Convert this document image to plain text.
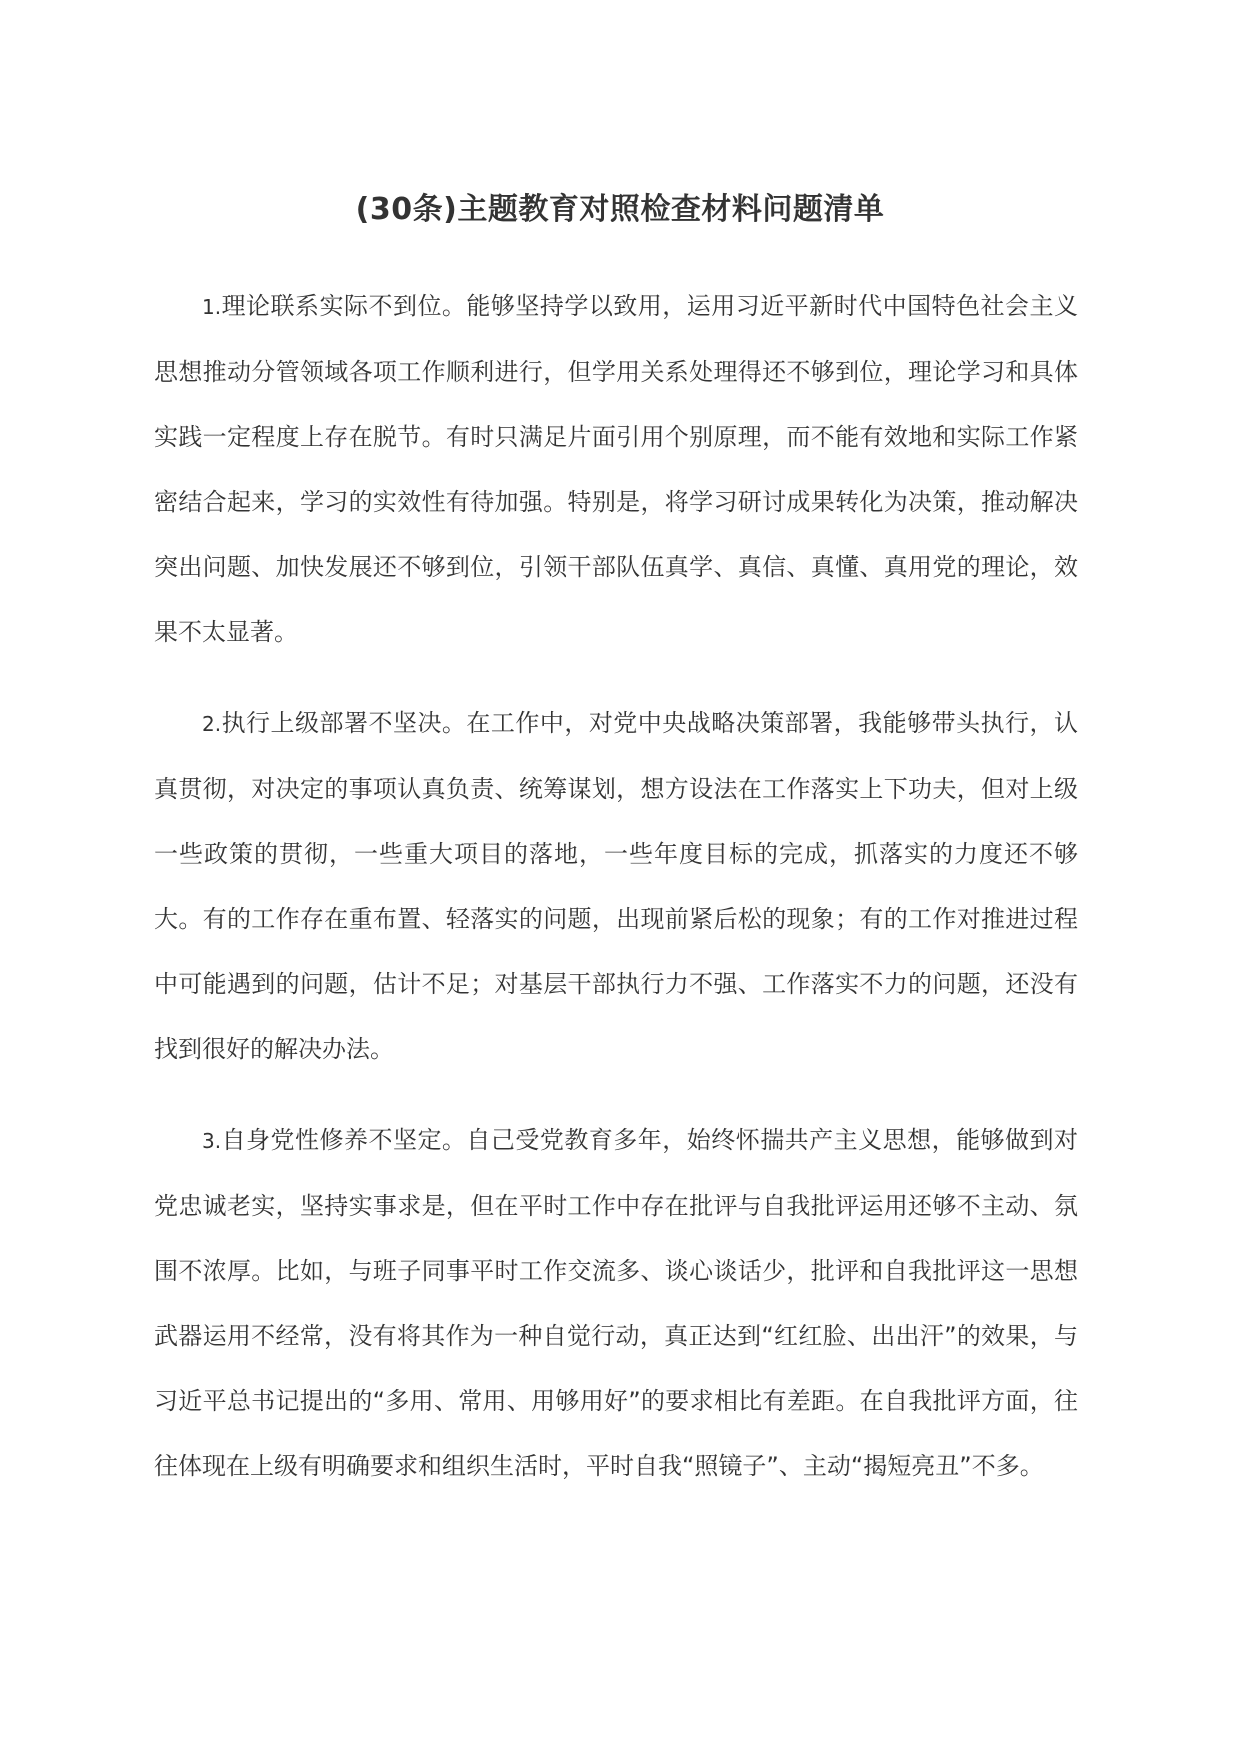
(30条)主题教育对照检查材料问题清单

1.理论联系实际不到位。能够坚持学以致用，运用习近平新时代中国特色社会主义思想推动分管领域各项工作顺利进行，但学用关系处理得还不够到位，理论学习和具体实践一定程度上存在脱节。有时只满足片面引用个别原理，而不能有效地和实际工作紧密结合起来，学习的实效性有待加强。特别是，将学习研讨成果转化为决策，推动解决突出问题、加快发展还不够到位，引领干部队伍真学、真信、真懂、真用党的理论，效果不太显著。

2.执行上级部署不坚决。在工作中，对党中央战略决策部署，我能够带头执行，认真贯彻，对决定的事项认真负责、统筹谋划，想方设法在工作落实上下功夫，但对上级一些政策的贯彻，一些重大项目的落地，一些年度目标的完成，抓落实的力度还不够大。有的工作存在重布置、轻落实的问题，出现前紧后松的现象；有的工作对推进过程中可能遇到的问题，估计不足；对基层干部执行力不强、工作落实不力的问题，还没有找到很好的解决办法。

3.自身党性修养不坚定。自己受党教育多年，始终怀揣共产主义思想，能够做到对党忠诚老实，坚持实事求是，但在平时工作中存在批评与自我批评运用还够不主动、氛围不浓厚。比如，与班子同事平时工作交流多、谈心谈话少，批评和自我批评这一思想武器运用不经常，没有将其作为一种自觉行动，真正达到“红红脸、出出汗”的效果，与习近平总书记提出的“多用、常用、用够用好”的要求相比有差距。在自我批评方面，往往体现在上级有明确要求和组织生活时，平时自我“照镜子”、主动“揭短亮丑”不多。
